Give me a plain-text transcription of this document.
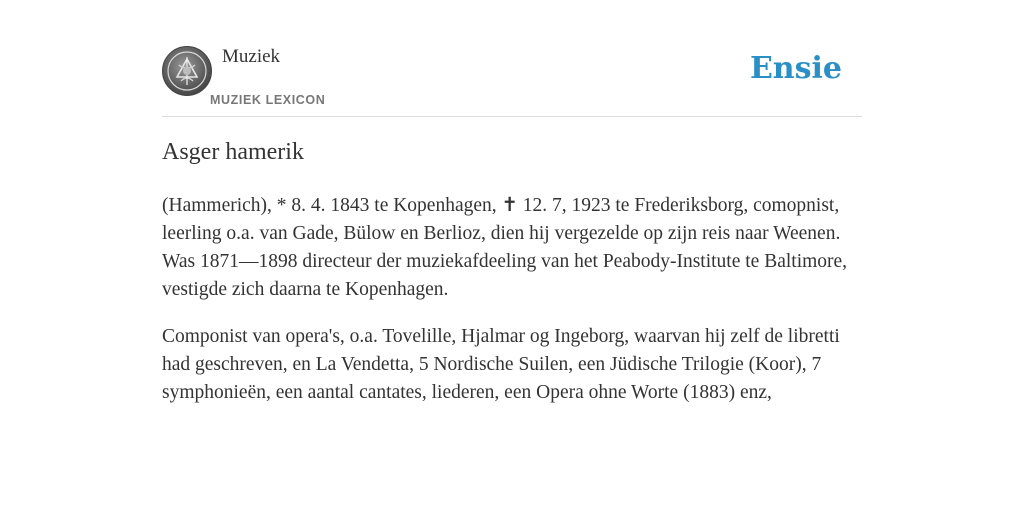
Muziek
MUZIEK LEXICON
Ensie
Asger hamerik

(Hammerich), * 8. 4. 1843 te Kopenhagen, ✝ 12. 7, 1923 te Frederiksborg, comopnist, leerling o.a. van Gade, Bülow en Berlioz, dien hij vergezelde op zijn reis naar Weenen. Was 1871—1898 directeur der muziekafdeeling van het Peabody-Institute te Baltimore, vestigde zich daarna te Kopenhagen.

Componist van opera's, o.a. Tovelille, Hjalmar og Ingeborg, waarvan hij zelf de libretti had geschreven, en La Vendetta, 5 Nordische Suilen, een Jüdische Trilogie (Koor), 7 symphonieën, een aantal cantates, liederen, een Opera ohne Worte (1883) enz,
